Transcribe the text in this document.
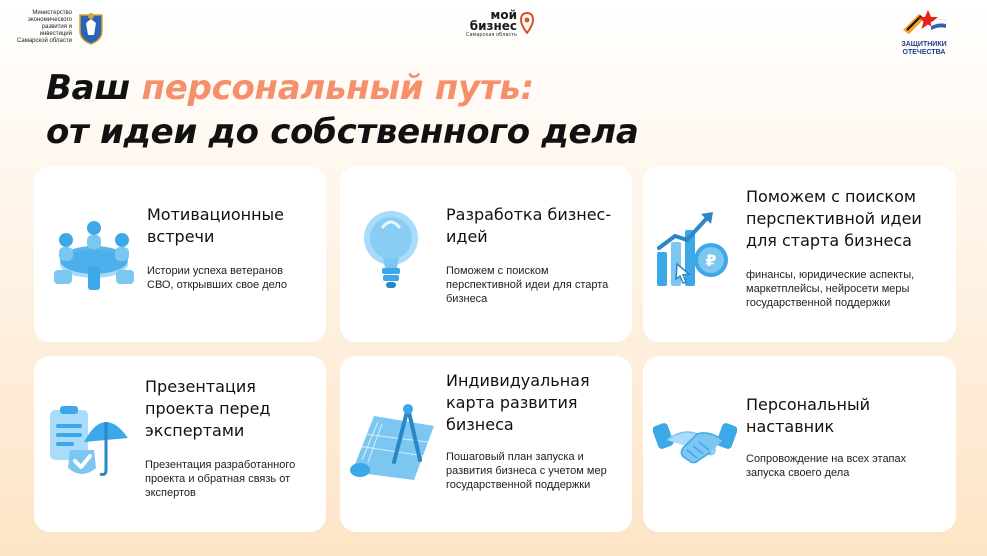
Министерство
экономического
развития и инвестиций
Самарской области
мой
бизнес
Самарская область
ЗАЩИТНИКИ
ОТЕЧЕСТВА
Ваш персональный путь:
от идеи до собственного дела
Мотивационные встречи
Истории успеха ветеранов СВО, открывших свое дело
Разработка бизнес-идей
Поможем с поиском перспективной идеи для старта бизнеса
₽
Поможем с поиском перспективной идеи для старта бизнеса
финансы, юридические аспекты, маркетплейсы, нейросети меры государственной поддержки
Презентация проекта перед экспертами
Презентация разработанного проекта и обратная связь от экспертов
Индивидуальная карта развития бизнеса
Пошаговый план запуска и развития бизнеса с учетом мер государственной поддержки
Персональный наставник
Сопровождение на всех этапах запуска своего дела
